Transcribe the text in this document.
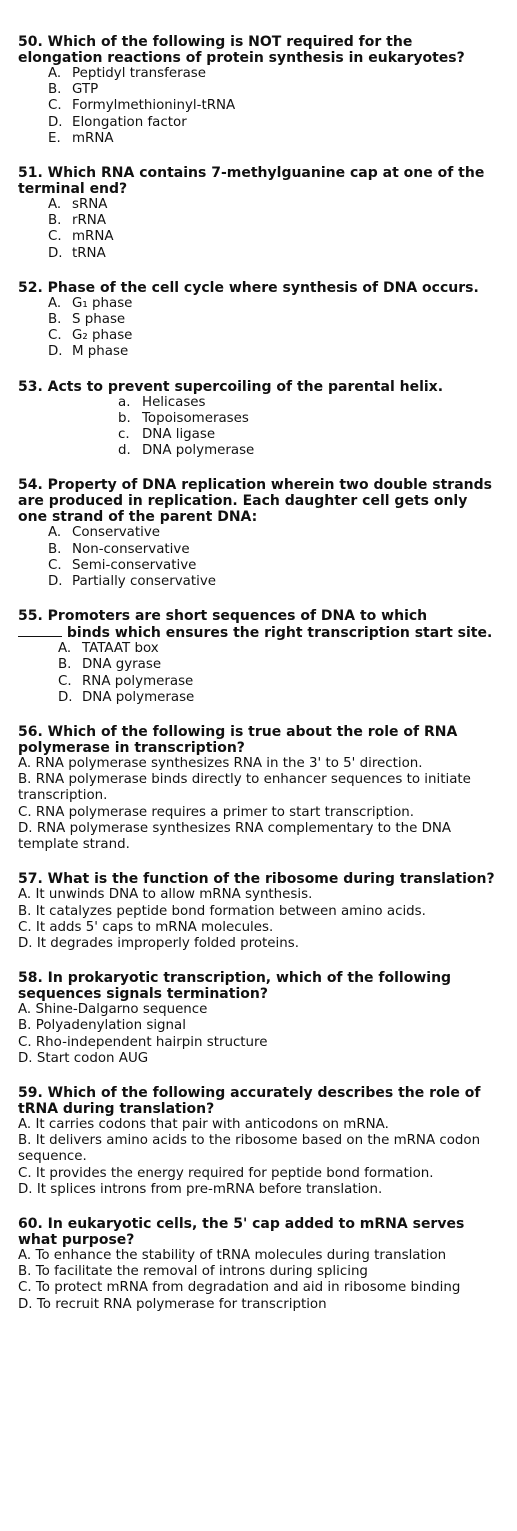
50. Which of the following is NOT required for the elongation reactions of protein synthesis in eukaryotes?
A. Peptidyl transferase
B. GTP
C. Formylmethioninyl-tRNA
D. Elongation factor
E. mRNA
51. Which RNA contains 7-methylguanine cap at one of the terminal end?
A. sRNA
B. rRNA
C. mRNA
D. tRNA
52. Phase of the cell cycle where synthesis of DNA occurs.
A. G₁ phase
B. S phase
C. G₂ phase
D. M phase
53. Acts to prevent supercoiling of the parental helix.
a. Helicases
b. Topoisomerases
c. DNA ligase
d. DNA polymerase
54. Property of DNA replication wherein two double strands are produced in replication. Each daughter cell gets only one strand of the parent DNA:
A. Conservative
B. Non-conservative
C. Semi-conservative
D. Partially conservative
55. Promoters are short sequences of DNA to which
binds which ensures the right transcription start site.
A. TATAAT box
B. DNA gyrase
C. RNA polymerase
D. DNA polymerase
56. Which of the following is true about the role of RNA polymerase in transcription?
A. RNA polymerase synthesizes RNA in the 3' to 5' direction.
B. RNA polymerase binds directly to enhancer sequences to initiate transcription.
C. RNA polymerase requires a primer to start transcription.
D. RNA polymerase synthesizes RNA complementary to the DNA template strand.
57. What is the function of the ribosome during translation?
A. It unwinds DNA to allow mRNA synthesis.
B. It catalyzes peptide bond formation between amino acids.
C. It adds 5' caps to mRNA molecules.
D. It degrades improperly folded proteins.
58. In prokaryotic transcription, which of the following sequences signals termination?
A. Shine-Dalgarno sequence
B. Polyadenylation signal
C. Rho-independent hairpin structure
D. Start codon AUG
59. Which of the following accurately describes the role of tRNA during translation?
A. It carries codons that pair with anticodons on mRNA.
B. It delivers amino acids to the ribosome based on the mRNA codon sequence.
C. It provides the energy required for peptide bond formation.
D. It splices introns from pre-mRNA before translation.
60. In eukaryotic cells, the 5' cap added to mRNA serves what purpose?
A. To enhance the stability of tRNA molecules during translation
B. To facilitate the removal of introns during splicing
C. To protect mRNA from degradation and aid in ribosome binding
D. To recruit RNA polymerase for transcription
